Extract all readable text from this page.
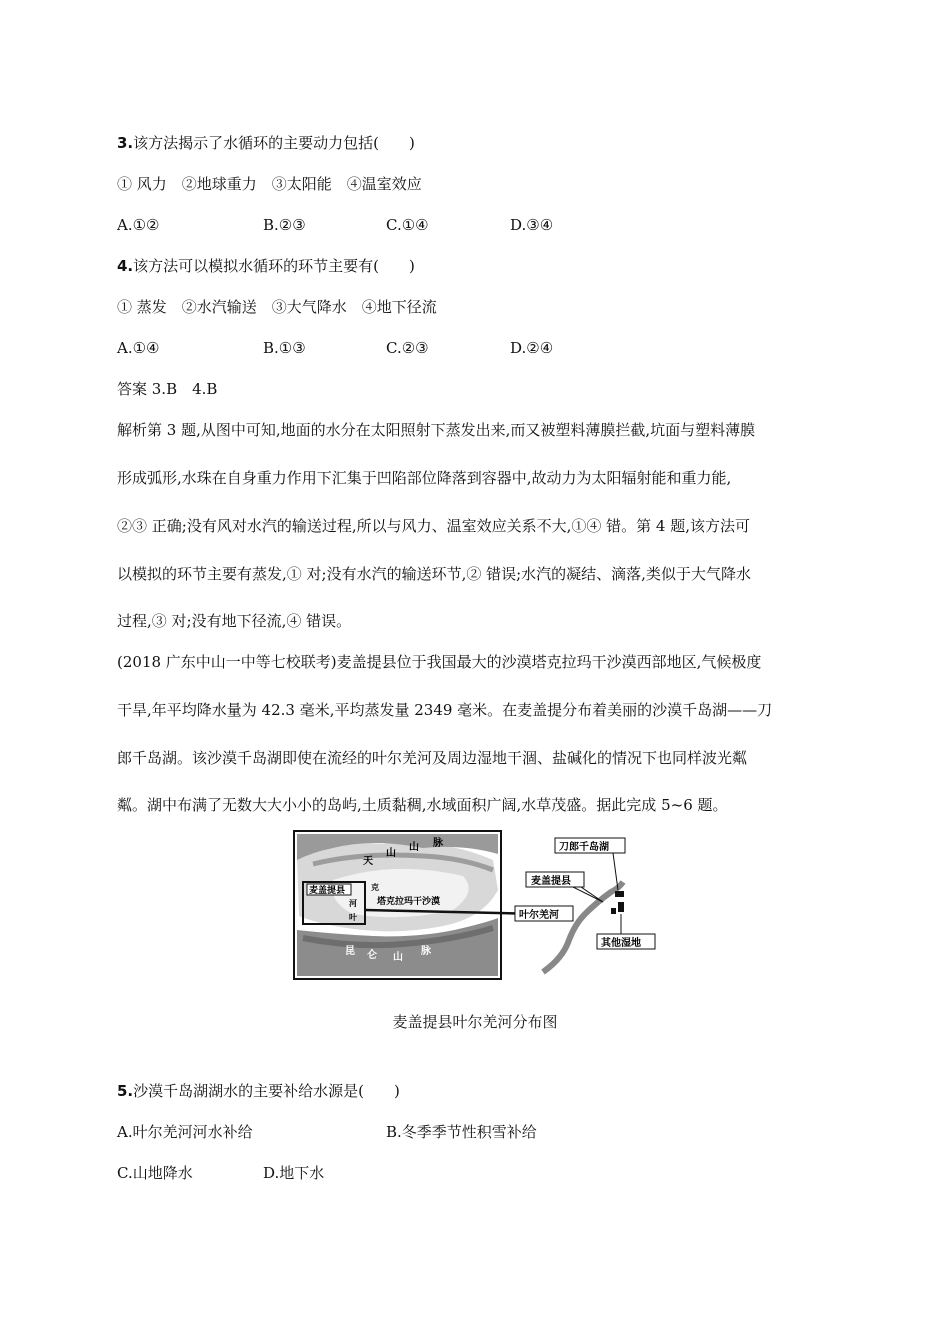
3.该方法揭示了水循环的主要动力包括(　　)
① 风力　②地球重力　③太阳能　④温室效应
A.①②	B.②③	C.①④	D.③④
4.该方法可以模拟水循环的环节主要有(　　)
① 蒸发　②水汽输送　③大气降水　④地下径流
A.①④	B.①③	C.②③	D.②④
答案 3.B　4.B
解析第 3 题,从图中可知,地面的水分在太阳照射下蒸发出来,而又被塑料薄膜拦截,坑面与塑料薄膜
形成弧形,水珠在自身重力作用下汇集于凹陷部位降落到容器中,故动力为太阳辐射能和重力能,
②③ 正确;没有风对水汽的输送过程,所以与风力、温室效应关系不大,①④ 错。第 4 题,该方法可
以模拟的环节主要有蒸发,① 对;没有水汽的输送环节,② 错误;水汽的凝结、滴落,类似于大气降水
过程,③ 对;没有地下径流,④ 错误。
(2018 广东中山一中等七校联考)麦盖提县位于我国最大的沙漠塔克拉玛干沙漠西部地区,气候极度
干旱,年平均降水量为 42.3 毫米,平均蒸发量 2349 毫米。在麦盖提分布着美丽的沙漠千岛湖——刀
郎千岛湖。该沙漠千岛湖即使在流经的叶尔羌河及周边湿地干涸、盐碱化的情况下也同样波光粼
粼。湖中布满了无数大大小小的岛屿,土质黏稠,水域面积广阔,水草茂盛。据此完成 5~6 题。
麦盖提县
河
叶
克
塔克拉玛干沙漠
天
山
山 脉
昆 仑 山
脉
刀郎千岛湖
麦盖提县
叶尔羌河
其他湿地
麦盖提县叶尔羌河分布图
5.沙漠千岛湖湖水的主要补给水源是(　　)
A.叶尔羌河河水补给	B.冬季季节性积雪补给
C.山地降水	D.地下水
